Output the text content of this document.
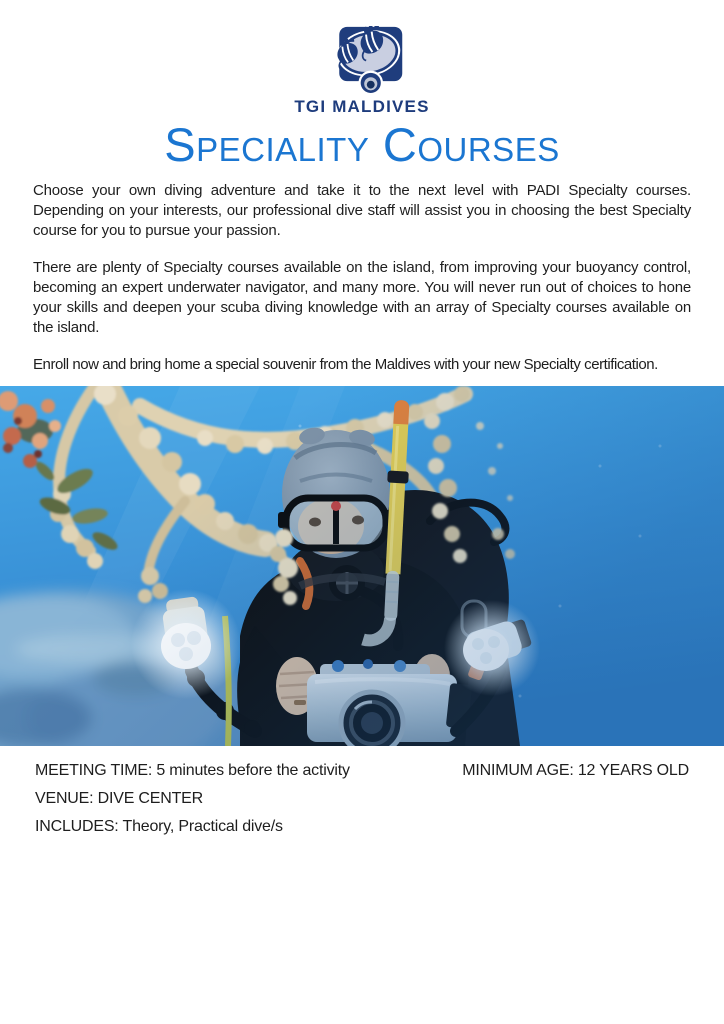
TGI MALDIVES
Speciality Courses

Choose your own diving adventure and take it to the next level with PADI Specialty courses. Depending on your interests, our professional dive staff will assist you in choosing the best Specialty course for you to pursue your passion.

There are plenty of Specialty courses available on the island, from improving your buoyancy control, becoming an expert underwater navigator, and many more. You will never run out of choices to hone your skills and deepen your scuba diving knowledge with an array of Specialty courses available on the island.

Enroll now and bring home a special souvenir from the Maldives with your new Specialty certification.

MEETING TIME: 5 minutes before the activity	MINIMUM AGE: 12 YEARS OLD
VENUE: DIVE CENTER
INCLUDES: Theory, Practical dive/s
